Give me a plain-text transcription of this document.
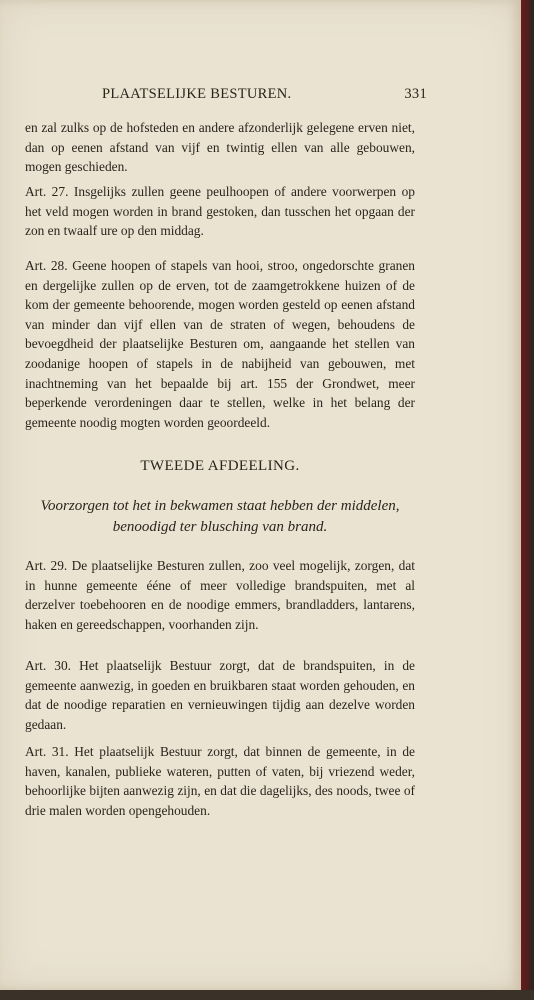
PLAATSELIJKE BESTUREN.	331

en zal zulks op de hofsteden en andere afzonderlijk gelegene erven niet, dan op eenen afstand van vijf en twintig ellen van alle gebouwen, mogen geschieden.

Art. 27. Insgelijks zullen geene peulhoopen of andere voorwerpen op het veld mogen worden in brand gestoken, dan tusschen het opgaan der zon en twaalf ure op den middag.

Art. 28. Geene hoopen of stapels van hooi, stroo, ongedorschte granen en dergelijke zullen op de erven, tot de zaamgetrokkene huizen of de kom der gemeente behoorende, mogen worden gesteld op eenen afstand van minder dan vijf ellen van de straten of wegen, behoudens de bevoegdheid der plaatselijke Besturen om, aangaande het stellen van zoodanige hoopen of stapels in de nabijheid van gebouwen, met inachtneming van het bepaalde bij art. 155 der Grondwet, meer beperkende verordeningen daar te stellen, welke in het belang der gemeente noodig mogten worden geoordeeld.

TWEEDE AFDEELING.
Voorzorgen tot het in bekwamen staat hebben der middelen, benoodigd ter blusching van brand.

Art. 29. De plaatselijke Besturen zullen, zoo veel mogelijk, zorgen, dat in hunne gemeente ééne of meer volledige brandspuiten, met al derzelver toebehooren en de noodige emmers, brandladders, lantarens, haken en gereedschappen, voorhanden zijn.

Art. 30. Het plaatselijk Bestuur zorgt, dat de brandspuiten, in de gemeente aanwezig, in goeden en bruikbaren staat worden gehouden, en dat de noodige reparatien en vernieuwingen tijdig aan dezelve worden gedaan.

Art. 31. Het plaatselijk Bestuur zorgt, dat binnen de gemeente, in de haven, kanalen, publieke wateren, putten of vaten, bij vriezend weder, behoorlijke bijten aanwezig zijn, en dat die dagelijks, des noods, twee of drie malen worden opengehouden.
